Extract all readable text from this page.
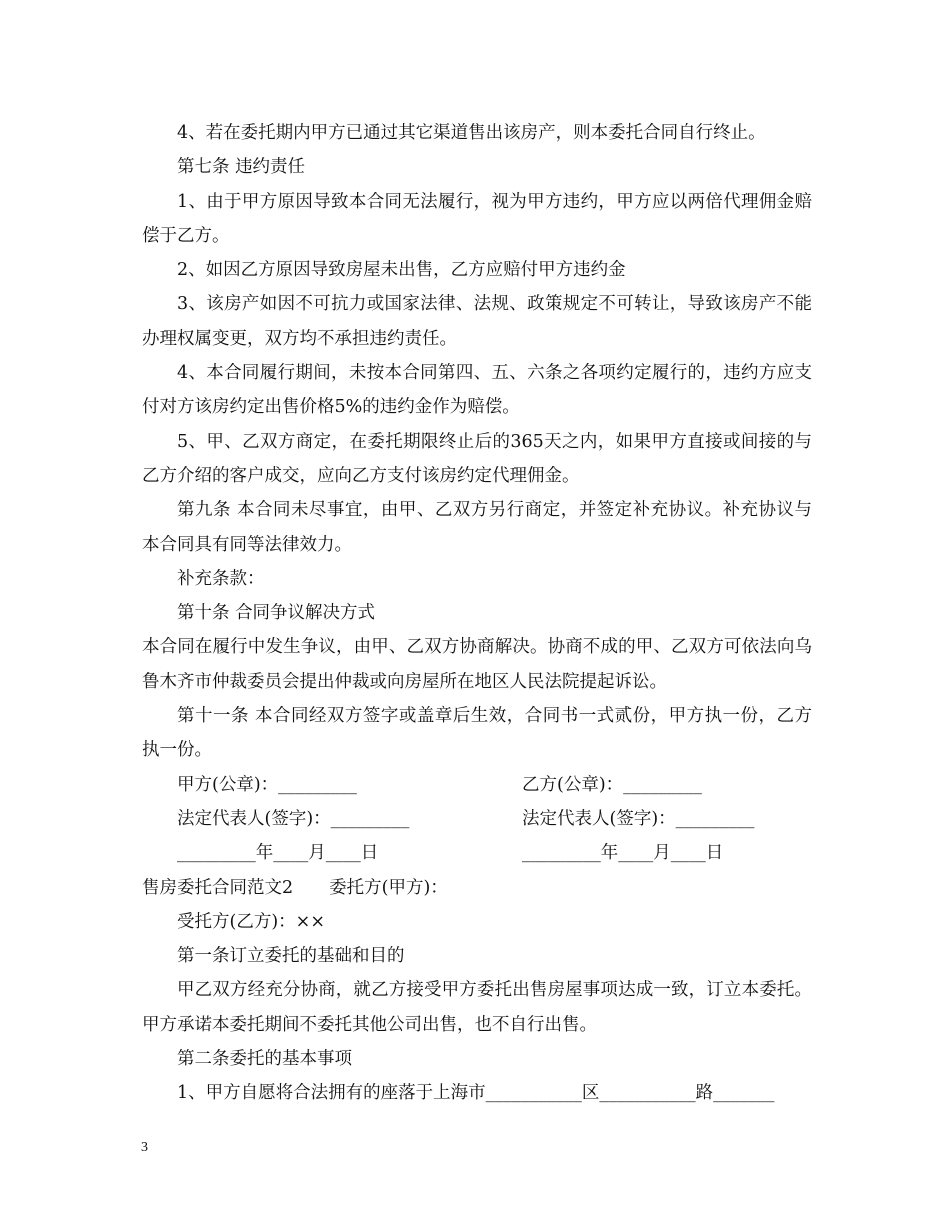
4、若在委托期内甲方已通过其它渠道售出该房产，则本委托合同自行终止。

第七条 违约责任

1、由于甲方原因导致本合同无法履行，视为甲方违约，甲方应以两倍代理佣金赔偿于乙方。

2、如因乙方原因导致房屋未出售，乙方应赔付甲方违约金

3、该房产如因不可抗力或国家法律、法规、政策规定不可转让，导致该房产不能办理权属变更，双方均不承担违约责任。

4、本合同履行期间，未按本合同第四、五、六条之各项约定履行的，违约方应支付对方该房约定出售价格5%的违约金作为赔偿。

5、甲、乙双方商定，在委托期限终止后的365天之内，如果甲方直接或间接的与乙方介绍的客户成交，应向乙方支付该房约定代理佣金。

第九条 本合同未尽事宜，由甲、乙双方另行商定，并签定补充协议。补充协议与本合同具有同等法律效力。

补充条款：

第十条 合同争议解决方式

本合同在履行中发生争议，由甲、乙双方协商解决。协商不成的甲、乙双方可依法向乌鲁木齐市仲裁委员会提出仲裁或向房屋所在地区人民法院提起诉讼。

第十一条 本合同经双方签字或盖章后生效，合同书一式贰份，甲方执一份，乙方执一份。

甲方(公章)：_________	乙方(公章)：_________
法定代表人(签字)：_________	法定代表人(签字)：_________
_________年____月____日	_________年____月____日

售房委托合同范文2 委托方(甲方)：

受托方(乙方)：××

第一条订立委托的基础和目的

甲乙双方经充分协商，就乙方接受甲方委托出售房屋事项达成一致，订立本委托。甲方承诺本委托期间不委托其他公司出售，也不自行出售。

第二条委托的基本事项

1、甲方自愿将合法拥有的座落于上海市___________区___________路_______

3
